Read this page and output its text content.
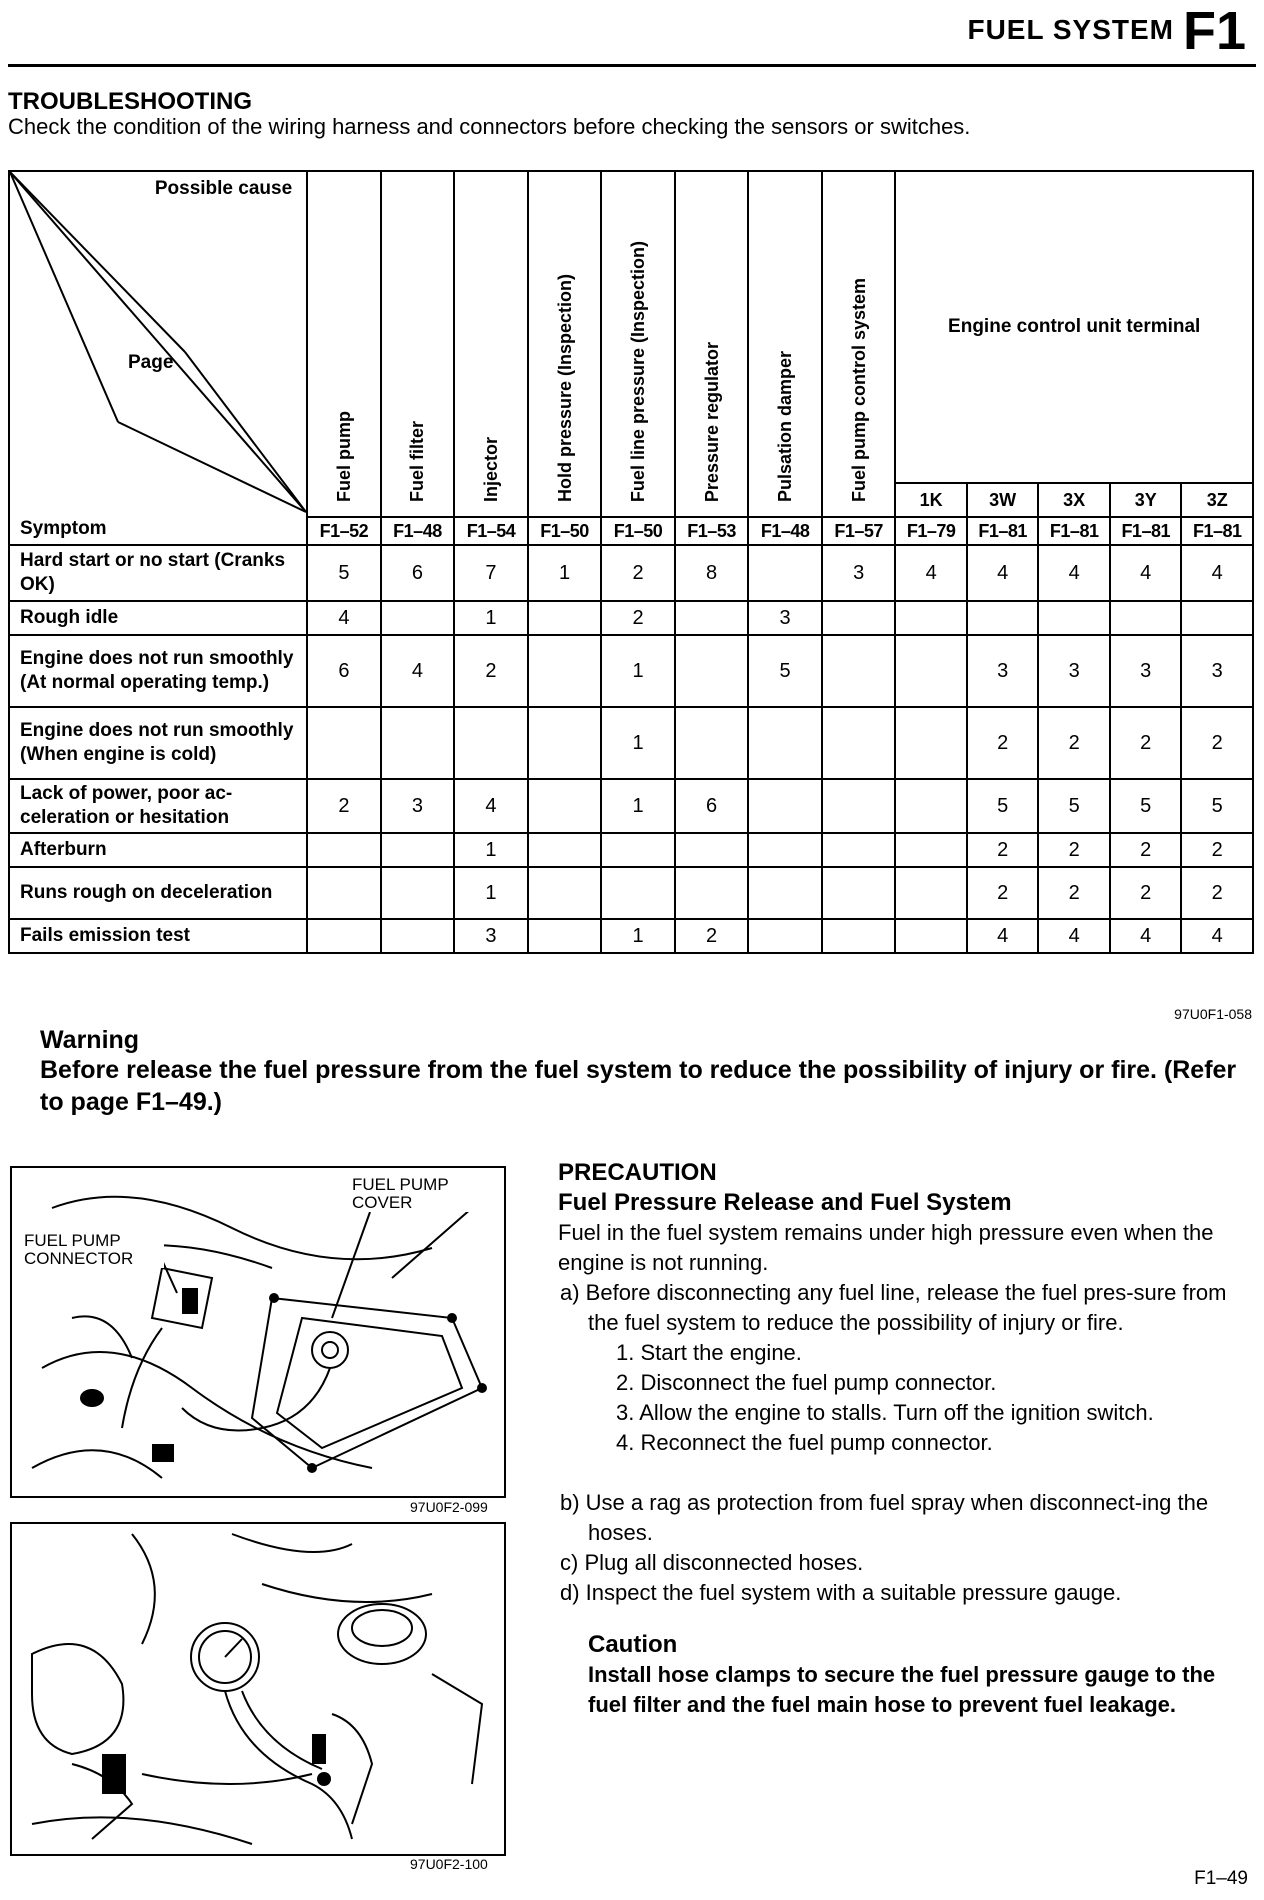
FUEL SYSTEM F1
TROUBLESHOOTING
Check the condition of the wiring harness and connectors before checking the sensors or switches.
Possible cause
Page
Symptom	Fuel pump	Fuel filter	Injector	Hold pressure (Inspection)	Fuel line pressure (Inspection)	Pressure regulator	Pulsation damper	Fuel pump control system	Engine control unit terminal				
									1K	3W	3X	3Y	3Z
	F1–52	F1–48	F1–54	F1–50	F1–50	F1–53	F1–48	F1–57	F1–79	F1–81	F1–81	F1–81	F1–81
Hard start or no start (Cranks OK)	5	6	7	1	2	8		3	4	4	4	4	4
Rough idle	4		1		2		3						
Engine does not run smoothly (At normal operating temp.)	6	4	2		1		5			3	3	3	3
Engine does not run smoothly (When engine is cold)					1					2	2	2	2
Lack of power, poor ac-celeration or hesitation	2	3	4		1	6				5	5	5	5
Afterburn			1							2	2	2	2
Runs rough on deceleration			1							2	2	2	2
Fails emission test			3		1	2				4	4	4	4
97U0F1-058
Warning
Before release the fuel pressure from the fuel system to reduce the possibility of injury or fire. (Refer to page F1–49.)
FUEL PUMP COVER
FUEL PUMP CONNECTOR
97U0F2-099
97U0F2-100
PRECAUTION
Fuel Pressure Release and Fuel System
Fuel in the fuel system remains under high pressure even when the engine is not running.
a) Before disconnecting any fuel line, release the fuel pres-sure from the fuel system to reduce the possibility of injury or fire.
1. Start the engine.
2. Disconnect the fuel pump connector.
3. Allow the engine to stalls. Turn off the ignition switch.
4. Reconnect the fuel pump connector.
b) Use a rag as protection from fuel spray when disconnect-ing the hoses.
c) Plug all disconnected hoses.
d) Inspect the fuel system with a suitable pressure gauge.
Caution
Install hose clamps to secure the fuel pressure gauge to the fuel filter and the fuel main hose to prevent fuel leakage.
F1–49
